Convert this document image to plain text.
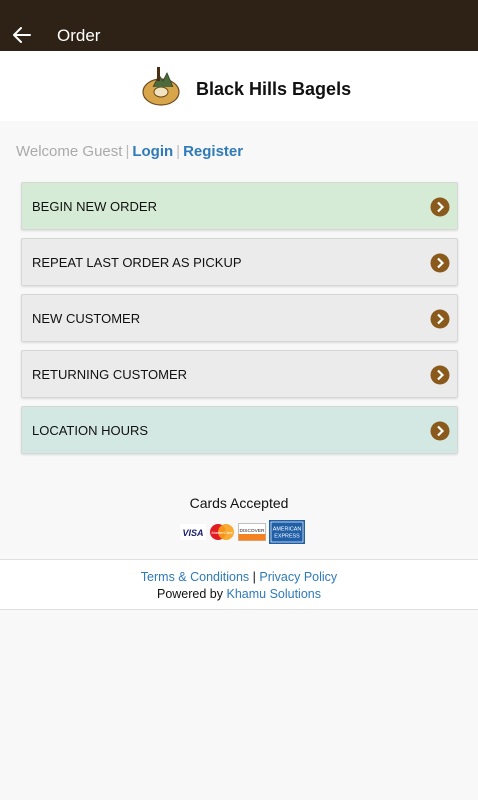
Order
Black Hills Bagels
Welcome Guest | Login | Register
BEGIN NEW ORDER
REPEAT LAST ORDER AS PICKUP
NEW CUSTOMER
RETURNING CUSTOMER
LOCATION HOURS
Cards Accepted
VISA MasterCard DISCOVER AMERICAN
EXPRESS
Terms & Conditions | Privacy Policy
Powered by Khamu Solutions
